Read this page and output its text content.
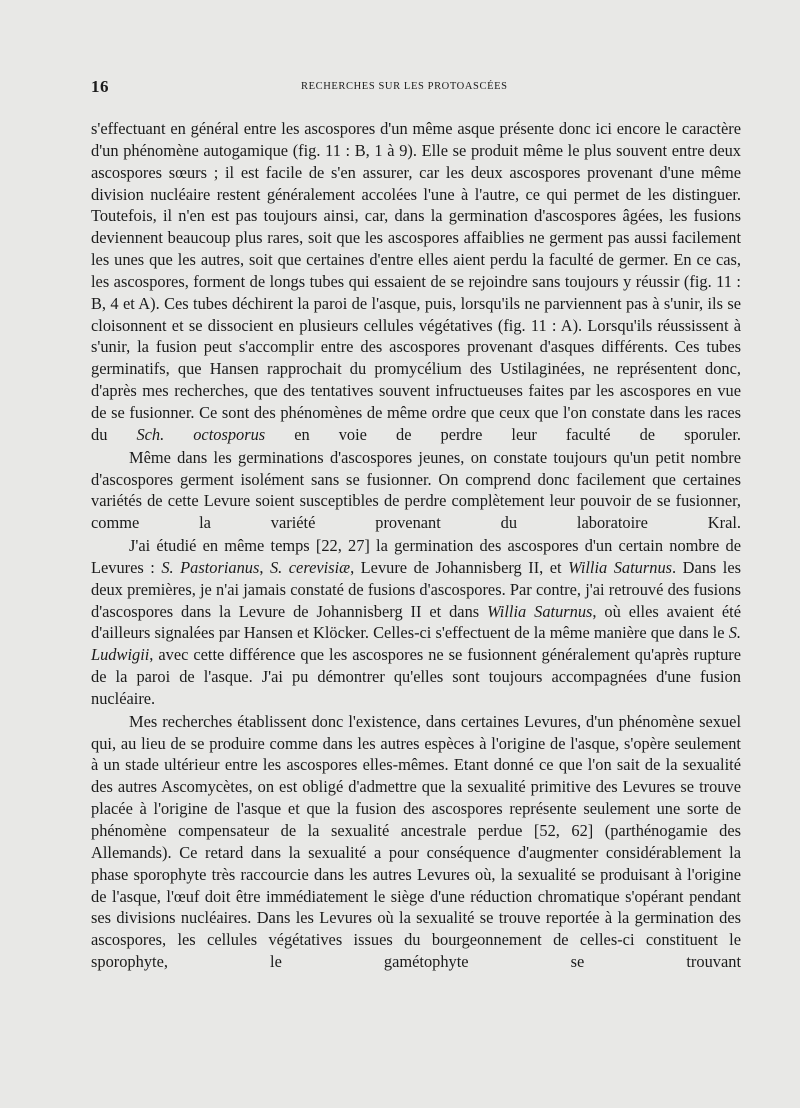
16	RECHERCHES SUR LES PROTOASCÉES

s'effectuant en général entre les ascospores d'un même asque présente donc ici encore le caractère d'un phénomène autogamique (fig. 11 : B, 1 à 9). Elle se produit même le plus souvent entre deux ascospores sœurs ; il est facile de s'en assurer, car les deux ascospores provenant d'une même division nucléaire restent généralement accolées l'une à l'autre, ce qui permet de les distinguer. Toutefois, il n'en est pas toujours ainsi, car, dans la germination d'ascospores âgées, les fusions deviennent beaucoup plus rares, soit que les ascospores affaiblies ne germent pas aussi facilement les unes que les autres, soit que certaines d'entre elles aient perdu la faculté de germer. En ce cas, les ascospores, forment de longs tubes qui essaient de se rejoindre sans toujours y réussir (fig. 11 : B, 4 et A). Ces tubes déchirent la paroi de l'asque, puis, lorsqu'ils ne parviennent pas à s'unir, ils se cloisonnent et se dissocient en plusieurs cellules végétatives (fig. 11 : A). Lorsqu'ils réussissent à s'unir, la fusion peut s'accomplir entre des ascospores provenant d'asques différents. Ces tubes germinatifs, que Hansen rapprochait du promycélium des Ustilaginées, ne représentent donc, d'après mes recherches, que des tentatives souvent infructueuses faites par les ascospores en vue de se fusionner. Ce sont des phénomènes de même ordre que ceux que l'on constate dans les races du Sch. octosporus en voie de perdre leur faculté de sporuler.

Même dans les germinations d'ascospores jeunes, on constate toujours qu'un petit nombre d'ascospores germent isolément sans se fusionner. On comprend donc facilement que certaines variétés de cette Levure soient susceptibles de perdre complètement leur pouvoir de se fusionner, comme la variété provenant du laboratoire Kral.

J'ai étudié en même temps [22, 27] la germination des ascospores d'un certain nombre de Levures : S. Pastorianus, S. cerevisiæ, Levure de Johannisberg II, et Willia Saturnus. Dans les deux premières, je n'ai jamais constaté de fusions d'ascospores. Par contre, j'ai retrouvé des fusions d'ascospores dans la Levure de Johannisberg II et dans Willia Saturnus, où elles avaient été d'ailleurs signalées par Hansen et Klöcker. Celles-ci s'effectuent de la même manière que dans le S. Ludwigii, avec cette différence que les ascospores ne se fusionnent généralement qu'après rupture de la paroi de l'asque. J'ai pu démontrer qu'elles sont toujours accompagnées d'une fusion nucléaire.

Mes recherches établissent donc l'existence, dans certaines Levures, d'un phénomène sexuel qui, au lieu de se produire comme dans les autres espèces à l'origine de l'asque, s'opère seulement à un stade ultérieur entre les ascospores elles-mêmes. Etant donné ce que l'on sait de la sexualité des autres Ascomycètes, on est obligé d'admettre que la sexualité primitive des Levures se trouve placée à l'origine de l'asque et que la fusion des ascospores représente seulement une sorte de phénomène compensateur de la sexualité ancestrale perdue [52, 62] (parthénogamie des Allemands). Ce retard dans la sexualité a pour conséquence d'augmenter considérablement la phase sporophyte très raccourcie dans les autres Levures où, la sexualité se produisant à l'origine de l'asque, l'œuf doit être immédiatement le siège d'une réduction chromatique s'opérant pendant ses divisions nucléaires. Dans les Levures où la sexualité se trouve reportée à la germination des ascospores, les cellules végétatives issues du bourgeonnement de celles-ci constituent le sporophyte, le gamétophyte se trouvant
